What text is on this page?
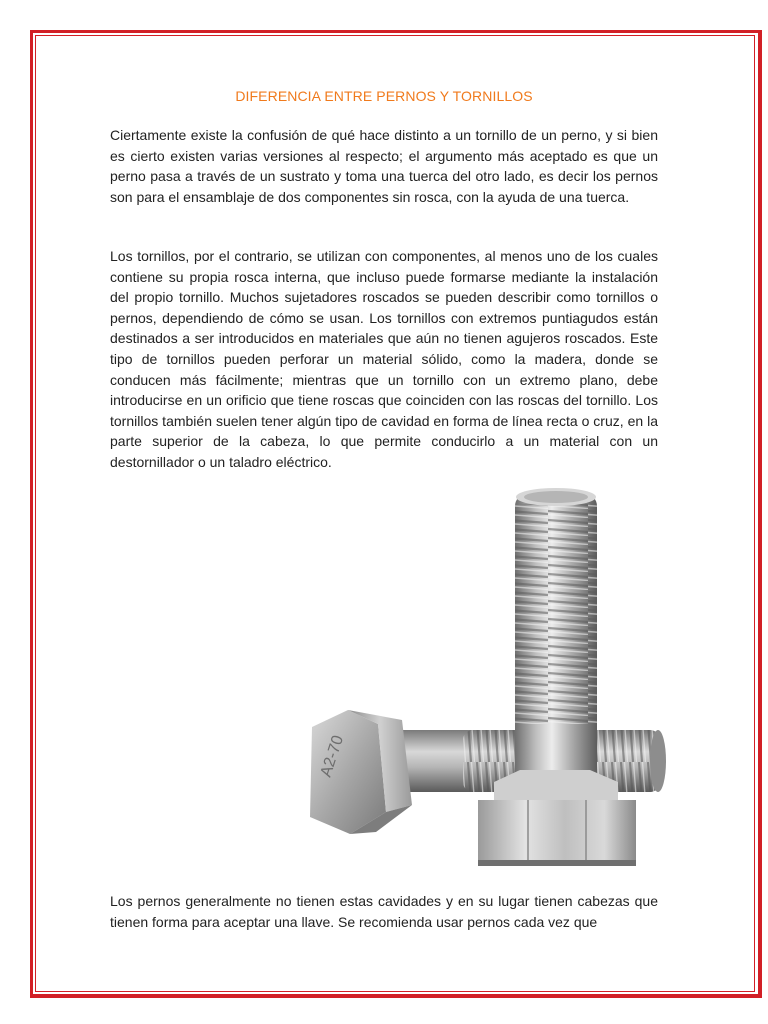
DIFERENCIA ENTRE PERNOS Y TORNILLOS

Ciertamente existe la confusión de qué hace distinto a un tornillo de un perno, y si bien es cierto existen varias versiones al respecto; el argumento más aceptado es que un perno pasa a través de un sustrato y toma una tuerca del otro lado, es decir los pernos son para el ensamblaje de dos componentes sin rosca, con la ayuda de una tuerca.

Los tornillos, por el contrario, se utilizan con componentes, al menos uno de los cuales contiene su propia rosca interna, que incluso puede formarse mediante la instalación del propio tornillo. Muchos sujetadores roscados se pueden describir como tornillos o pernos, dependiendo de cómo se usan. Los tornillos con extremos puntiagudos están destinados a ser introducidos en materiales que aún no tienen agujeros roscados. Este tipo de tornillos pueden perforar un material sólido, como la madera, donde se conducen más fácilmente; mientras que un tornillo con un extremo plano, debe introducirse en un orificio que tiene roscas que coinciden con las roscas del tornillo. Los tornillos también suelen tener algún tipo de cavidad en forma de línea recta o cruz, en la parte superior de la cabeza, lo que permite conducirlo a un material con un destornillador o un taladro eléctrico.

A2-70

Los pernos generalmente no tienen estas cavidades y en su lugar tienen cabezas que tienen forma para aceptar una llave. Se recomienda usar pernos cada vez que
